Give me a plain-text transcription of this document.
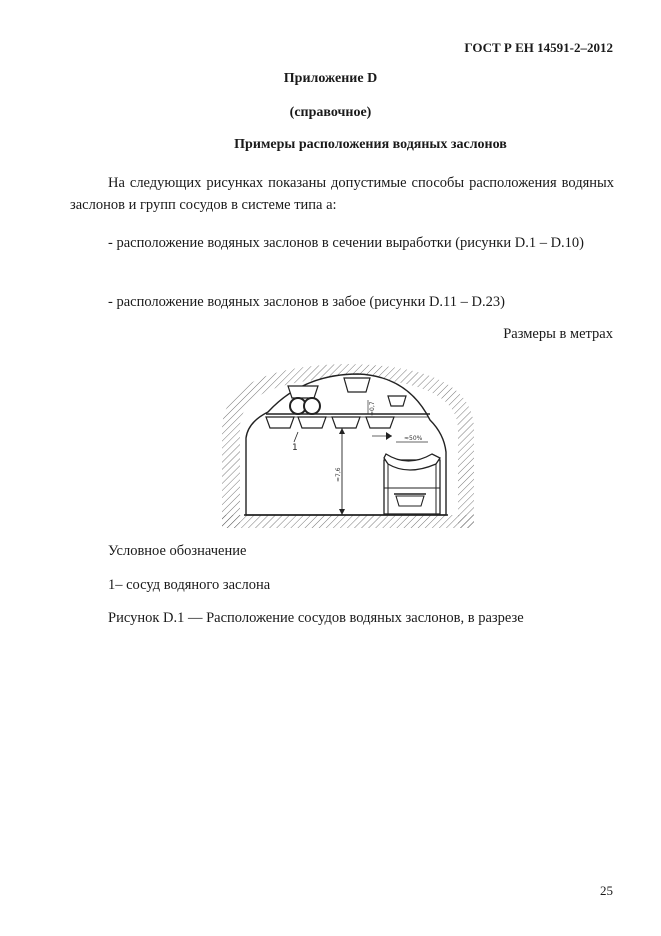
ГОСТ Р ЕН 14591-2–2012
Приложение D
(справочное)
Примеры расположения водяных заслонов
На следующих рисунках показаны допустимые способы расположения водяных заслонов и групп сосудов в системе типа а:
- расположение водяных заслонов в сечении выработки (рисунки D.1 – D.10)
- расположение водяных заслонов в забое (рисунки D.11 – D.23)
Размеры в метрах
≈0,7
≈50%
1
≈7,6
Условное обозначение
1– сосуд водяного заслона
Рисунок D.1 — Расположение сосудов водяных заслонов, в разрезе
25
